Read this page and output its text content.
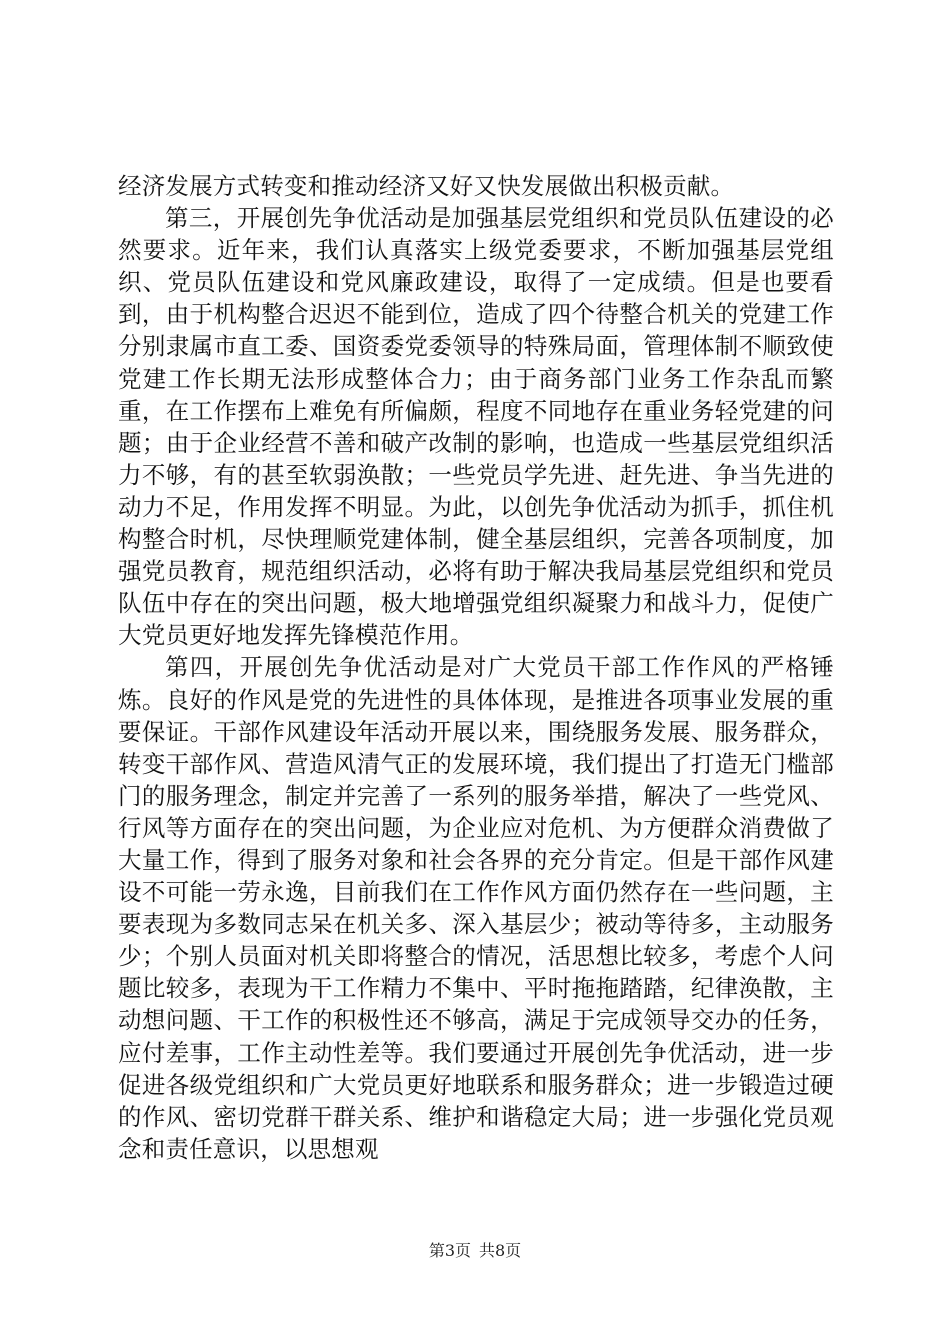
经济发展方式转变和推动经济又好又快发展做出积极贡献。

第三，开展创先争优活动是加强基层党组织和党员队伍建设的必然要求。近年来，我们认真落实上级党委要求，不断加强基层党组织、党员队伍建设和党风廉政建设，取得了一定成绩。但是也要看到，由于机构整合迟迟不能到位，造成了四个待整合机关的党建工作分别隶属市直工委、国资委党委领导的特殊局面，管理体制不顺致使党建工作长期无法形成整体合力；由于商务部门业务工作杂乱而繁重，在工作摆布上难免有所偏颇，程度不同地存在重业务轻党建的问题；由于企业经营不善和破产改制的影响，也造成一些基层党组织活力不够，有的甚至软弱涣散；一些党员学先进、赶先进、争当先进的动力不足，作用发挥不明显。为此，以创先争优活动为抓手，抓住机构整合时机，尽快理顺党建体制，健全基层组织，完善各项制度，加强党员教育，规范组织活动，必将有助于解决我局基层党组织和党员队伍中存在的突出问题，极大地增强党组织凝聚力和战斗力，促使广大党员更好地发挥先锋模范作用。

第四，开展创先争优活动是对广大党员干部工作作风的严格锤炼。良好的作风是党的先进性的具体体现，是推进各项事业发展的重要保证。干部作风建设年活动开展以来，围绕服务发展、服务群众，转变干部作风、营造风清气正的发展环境，我们提出了打造无门槛部门的服务理念，制定并完善了一系列的服务举措，解决了一些党风、行风等方面存在的突出问题，为企业应对危机、为方便群众消费做了大量工作，得到了服务对象和社会各界的充分肯定。但是干部作风建设不可能一劳永逸，目前我们在工作作风方面仍然存在一些问题，主要表现为多数同志呆在机关多、深入基层少；被动等待多，主动服务少；个别人员面对机关即将整合的情况，活思想比较多，考虑个人问题比较多，表现为干工作精力不集中、平时拖拖踏踏，纪律涣散，主动想问题、干工作的积极性还不够高，满足于完成领导交办的任务，应付差事，工作主动性差等。我们要通过开展创先争优活动，进一步促进各级党组织和广大党员更好地联系和服务群众；进一步锻造过硬的作风、密切党群干群关系、维护和谐稳定大局；进一步强化党员观念和责任意识，以思想观

第3页 共8页
